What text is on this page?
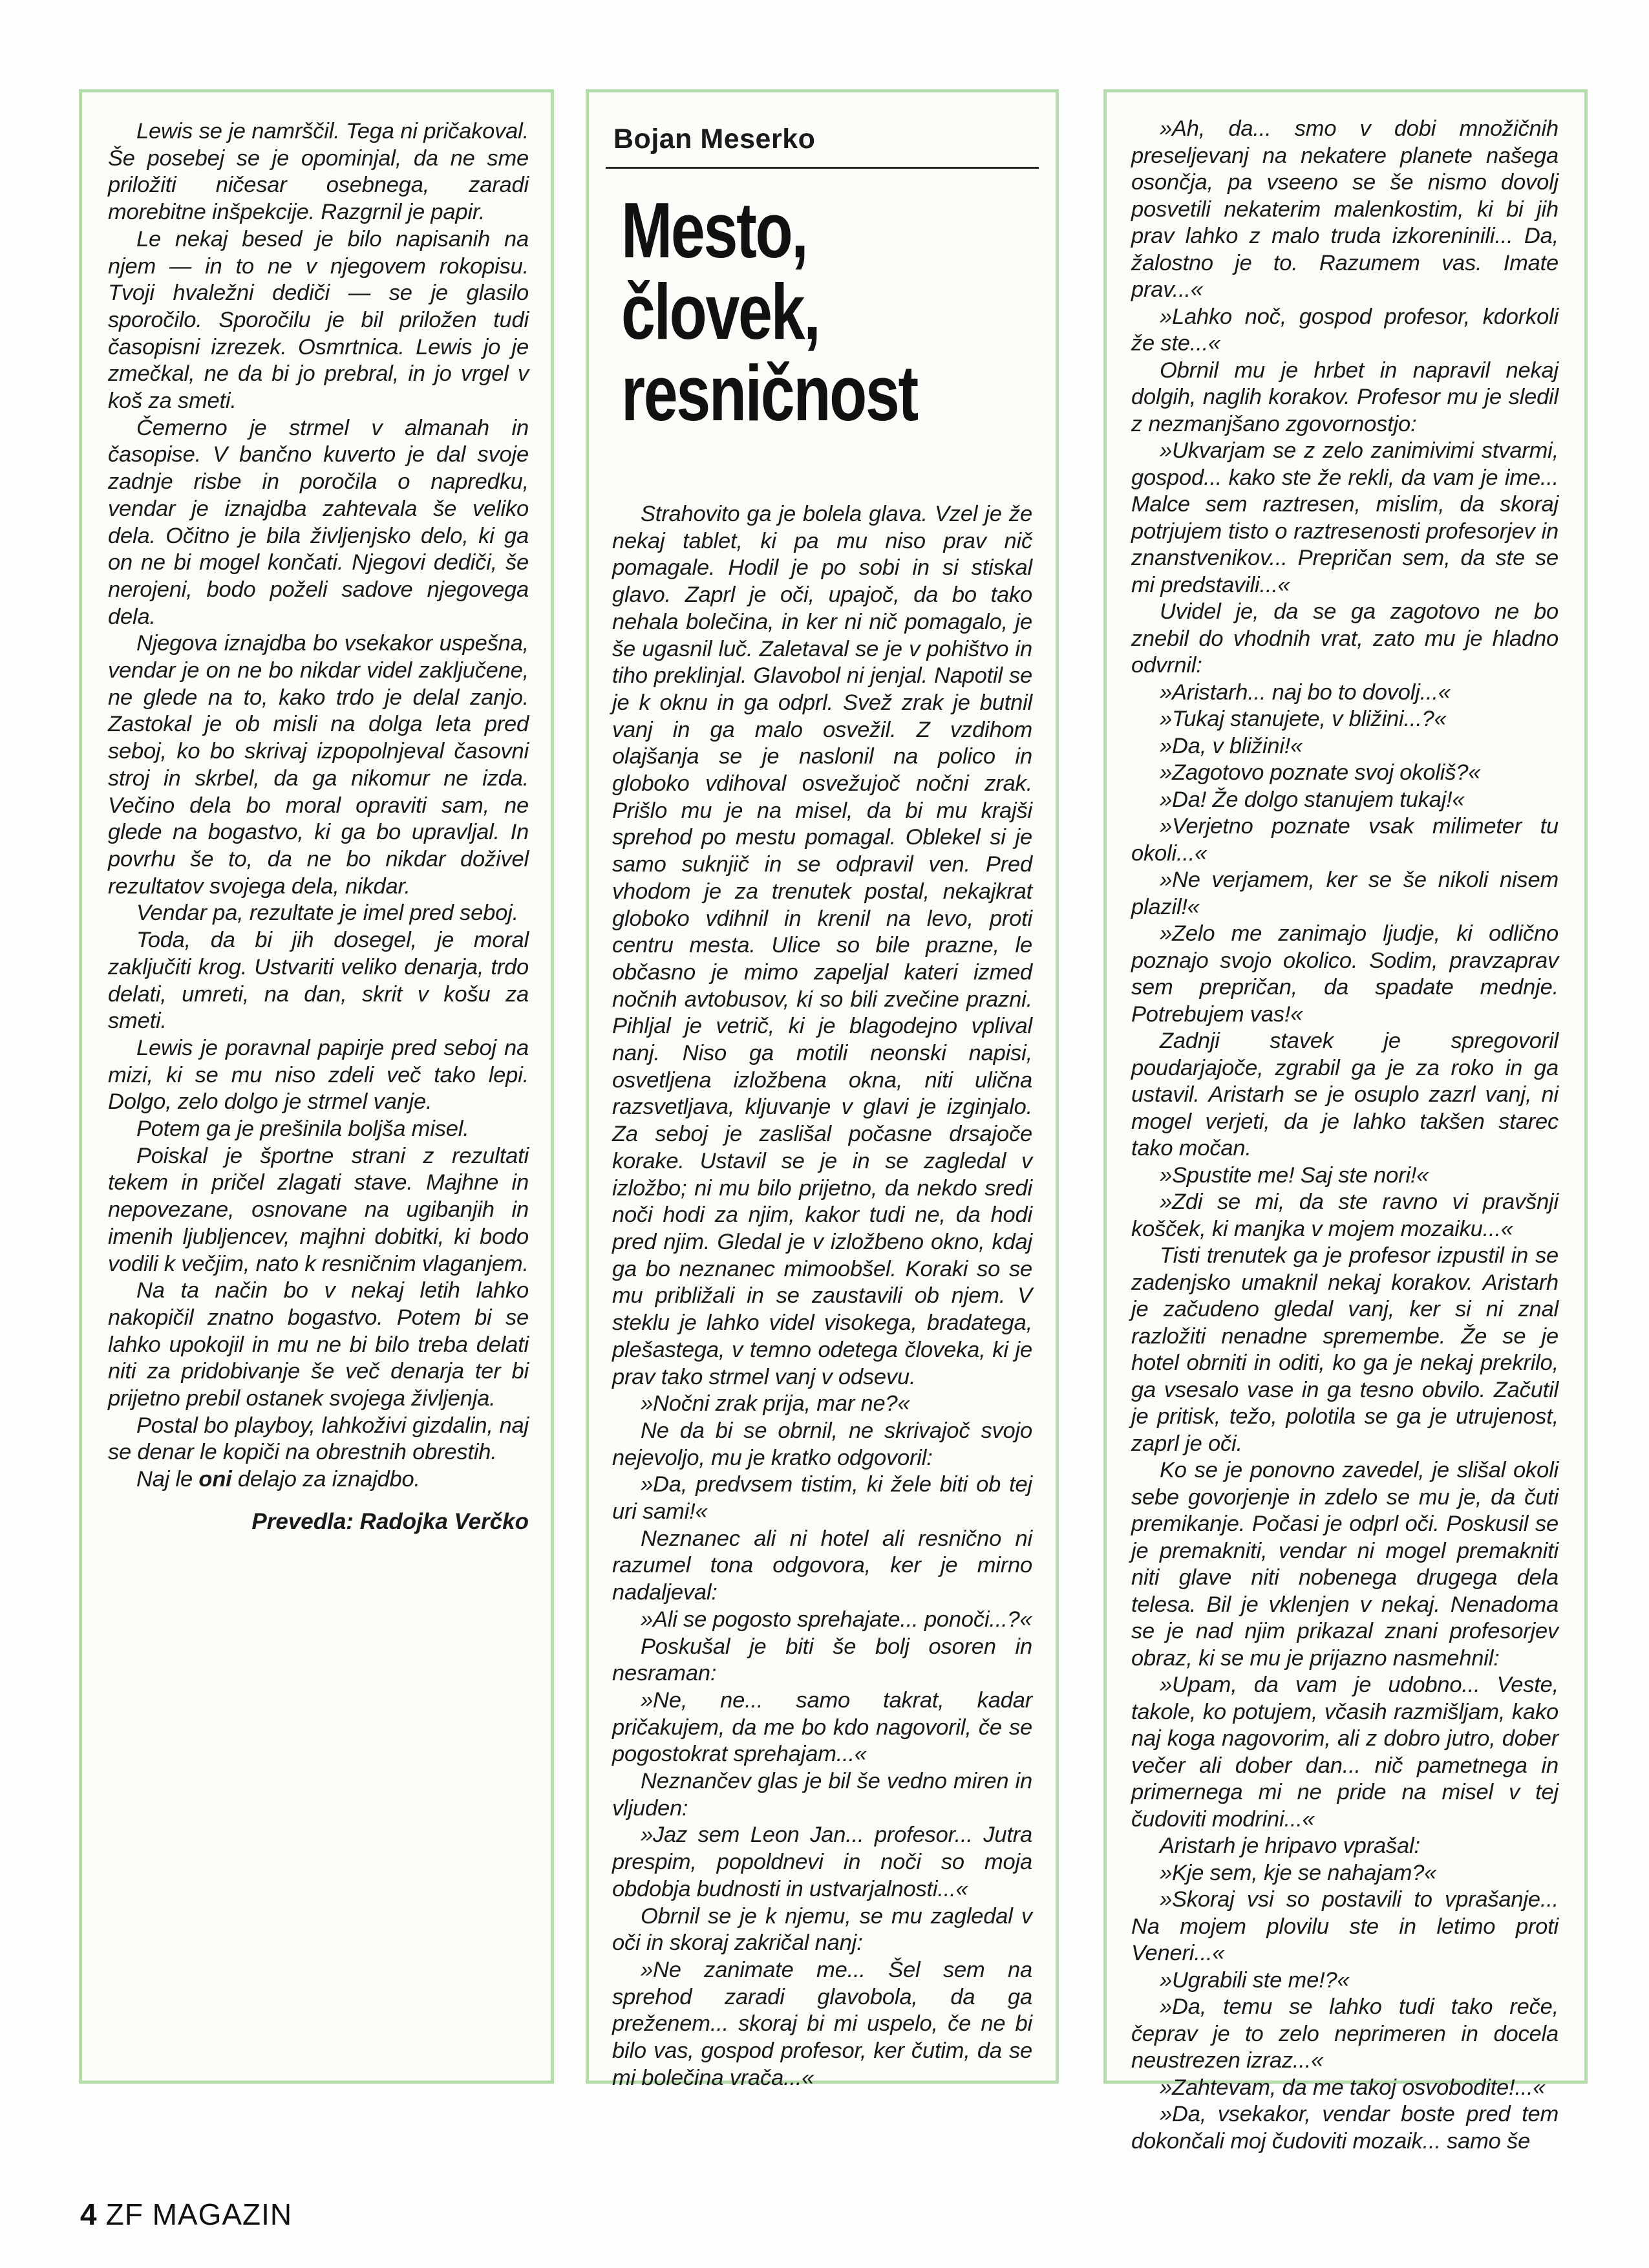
Lewis se je namrščil. Tega ni pričakoval. Še posebej se je opominjal, da ne sme priložiti ničesar osebnega, zaradi morebitne inšpekcije. Razgrnil je papir.

Le nekaj besed je bilo napisanih na njem — in to ne v njegovem rokopisu. Tvoji hvaležni dediči — se je glasilo sporočilo. Sporočilu je bil priložen tudi časopisni izrezek. Osmrtnica. Lewis jo je zmečkal, ne da bi jo prebral, in jo vrgel v koš za smeti.

Čemerno je strmel v almanah in časopise. V bančno kuverto je dal svoje zadnje risbe in poročila o napredku, vendar je iznajdba zahtevala še veliko dela. Očitno je bila življenjsko delo, ki ga on ne bi mogel končati. Njegovi dediči, še nerojeni, bodo poželi sadove njegovega dela.

Njegova iznajdba bo vsekakor uspešna, vendar je on ne bo nikdar videl zaključene, ne glede na to, kako trdo je delal zanjo. Zastokal je ob misli na dolga leta pred seboj, ko bo skrivaj izpopolnjeval časovni stroj in skrbel, da ga nikomur ne izda. Večino dela bo moral opraviti sam, ne glede na bogastvo, ki ga bo upravljal. In povrhu še to, da ne bo nikdar doživel rezultatov svojega dela, nikdar.

Vendar pa, rezultate je imel pred seboj.

Toda, da bi jih dosegel, je moral zaključiti krog. Ustvariti veliko denarja, trdo delati, umreti, na dan, skrit v košu za smeti.

Lewis je poravnal papirje pred seboj na mizi, ki se mu niso zdeli več tako lepi. Dolgo, zelo dolgo je strmel vanje.

Potem ga je prešinila boljša misel.

Poiskal je športne strani z rezultati tekem in pričel zlagati stave. Majhne in nepovezane, osnovane na ugibanjih in imenih ljubljencev, majhni dobitki, ki bodo vodili k večjim, nato k resničnim vlaganjem.

Na ta način bo v nekaj letih lahko nakopičil znatno bogastvo. Potem bi se lahko upokojil in mu ne bi bilo treba delati niti za pridobivanje še več denarja ter bi prijetno prebil ostanek svojega življenja.

Postal bo playboy, lahkoživi gizdalin, naj se denar le kopiči na obrestnih obrestih.

Naj le oni delajo za iznajdbo.

Prevedla: Radojka Verčko
Bojan Meserko
Mesto,
človek,
resničnost

Strahovito ga je bolela glava. Vzel je že nekaj tablet, ki pa mu niso prav nič pomagale. Hodil je po sobi in si stiskal glavo. Zaprl je oči, upajoč, da bo tako nehala bolečina, in ker ni nič pomagalo, je še ugasnil luč. Zaletaval se je v pohištvo in tiho preklinjal. Glavobol ni jenjal. Napotil se je k oknu in ga odprl. Svež zrak je butnil vanj in ga malo osvežil. Z vzdihom olajšanja se je naslonil na polico in globoko vdihoval osvežujoč nočni zrak. Prišlo mu je na misel, da bi mu krajši sprehod po mestu pomagal. Oblekel si je samo suknjič in se odpravil ven. Pred vhodom je za trenutek postal, nekajkrat globoko vdihnil in krenil na levo, proti centru mesta. Ulice so bile prazne, le občasno je mimo zapeljal kateri izmed nočnih avtobusov, ki so bili zvečine prazni. Pihljal je vetrič, ki je blagodejno vplival nanj. Niso ga motili neonski napisi, osvetljena izložbena okna, niti ulična razsvetljava, kljuvanje v glavi je izginjalo. Za seboj je zaslišal počasne drsajoče korake. Ustavil se je in se zagledal v izložbo; ni mu bilo prijetno, da nekdo sredi noči hodi za njim, kakor tudi ne, da hodi pred njim. Gledal je v izložbeno okno, kdaj ga bo neznanec mimoobšel. Koraki so se mu približali in se zaustavili ob njem. V steklu je lahko videl visokega, bradatega, plešastega, v temno odetega človeka, ki je prav tako strmel vanj v odsevu.

»Nočni zrak prija, mar ne?«

Ne da bi se obrnil, ne skrivajoč svojo nejevoljo, mu je kratko odgovoril:

»Da, predvsem tistim, ki želе biti ob tej uri sami!«

Neznanec ali ni hotel ali resnično ni razumel tona odgovora, ker je mirno nadaljeval:

»Ali se pogosto sprehajate... ponoči...?«

Poskušal je biti še bolj osoren in nesraman:

»Ne, ne... samo takrat, kadar pričakujem, da me bo kdo nagovoril, če se pogostokrat sprehajam...«

Neznančev glas je bil še vedno miren in vljuden:

»Jaz sem Leon Jan... profesor... Jutra prespim, popoldnevi in noči so moja obdobja budnosti in ustvarjalnosti...«

Obrnil se je k njemu, se mu zagledal v oči in skoraj zakričal nanj:

»Ne zanimate me... Šel sem na sprehod zaradi glavobola, da ga preženem... skoraj bi mi uspelo, če ne bi bilo vas, gospod profesor, ker čutim, da se mi bolečina vrača...«

»Ah, da... smo v dobi množičnih preseljevanj na nekatere planete našega osončja, pa vseeno se še nismo dovolj posvetili nekaterim malenkostim, ki bi jih prav lahko z malo truda izkoreninili... Da, žalostno je to. Razumem vas. Imate prav...«

»Lahko noč, gospod profesor, kdorkoli že ste...«

Obrnil mu je hrbet in napravil nekaj dolgih, naglih korakov. Profesor mu je sledil z nezmanjšano zgovornostjo:

»Ukvarjam se z zelo zanimivimi stvarmi, gospod... kako ste že rekli, da vam je ime... Malce sem raztresen, mislim, da skoraj potrjujem tisto o raztresenosti profesorjev in znanstvenikov... Prepričan sem, da ste se mi predstavili...«

Uvidel je, da se ga zagotovo ne bo znebil do vhodnih vrat, zato mu je hladno odvrnil:

»Aristarh... naj bo to dovolj...«

»Tukaj stanujete, v bližini...?«

»Da, v bližini!«

»Zagotovo poznate svoj okoliš?«

»Da! Že dolgo stanujem tukaj!«

»Verjetno poznate vsak milimeter tu okoli...«

»Ne verjamem, ker se še nikoli nisem plazil!«

»Zelo me zanimajo ljudje, ki odlično poznajo svojo okolico. Sodim, pravzaprav sem prepričan, da spadate mednje. Potrebujem vas!«

Zadnji stavek je spregovoril poudarjajoče, zgrabil ga je za roko in ga ustavil. Aristarh se je osuplo zazrl vanj, ni mogel verjeti, da je lahko takšen starec tako močan.

»Spustite me! Saj ste nori!«

»Zdi se mi, da ste ravno vi pravšnji košček, ki manjka v mojem mozaiku...«

Tisti trenutek ga je profesor izpustil in se zadenjsko umaknil nekaj korakov. Aristarh je začudeno gledal vanj, ker si ni znal razložiti nenadne spremembe. Že se je hotel obrniti in oditi, ko ga je nekaj prekrilo, ga vsesalo vase in ga tesno obvilo. Začutil je pritisk, težo, polotila se ga je utrujenost, zaprl je oči.

Ko se je ponovno zavedel, je slišal okoli sebe govorjenje in zdelo se mu je, da čuti premikanje. Počasi je odprl oči. Poskusil se je premakniti, vendar ni mogel premakniti niti glave niti nobenega drugega dela telesa. Bil je vklenjen v nekaj. Nenadoma se je nad njim prikazal znani profesorjev obraz, ki se mu je prijazno nasmehnil:

»Upam, da vam je udobno... Veste, takole, ko potujem, včasih razmišljam, kako naj koga nagovorim, ali z dobro jutro, dober večer ali dober dan... nič pametnega in primernega mi ne pride na misel v tej čudoviti modrini...«

Aristarh je hripavo vprašal:

»Kje sem, kje se nahajam?«

»Skoraj vsi so postavili to vprašanje... Na mojem plovilu ste in letimo proti Veneri...«

»Ugrabili ste me!?«

»Da, temu se lahko tudi tako reče, čeprav je to zelo neprimeren in docela neustrezen izraz...«

»Zahtevam, da me takoj osvobodite!...«

»Da, vsekakor, vendar boste pred tem dokončali moj čudoviti mozaik... samo še

4 ZF MAGAZIN
